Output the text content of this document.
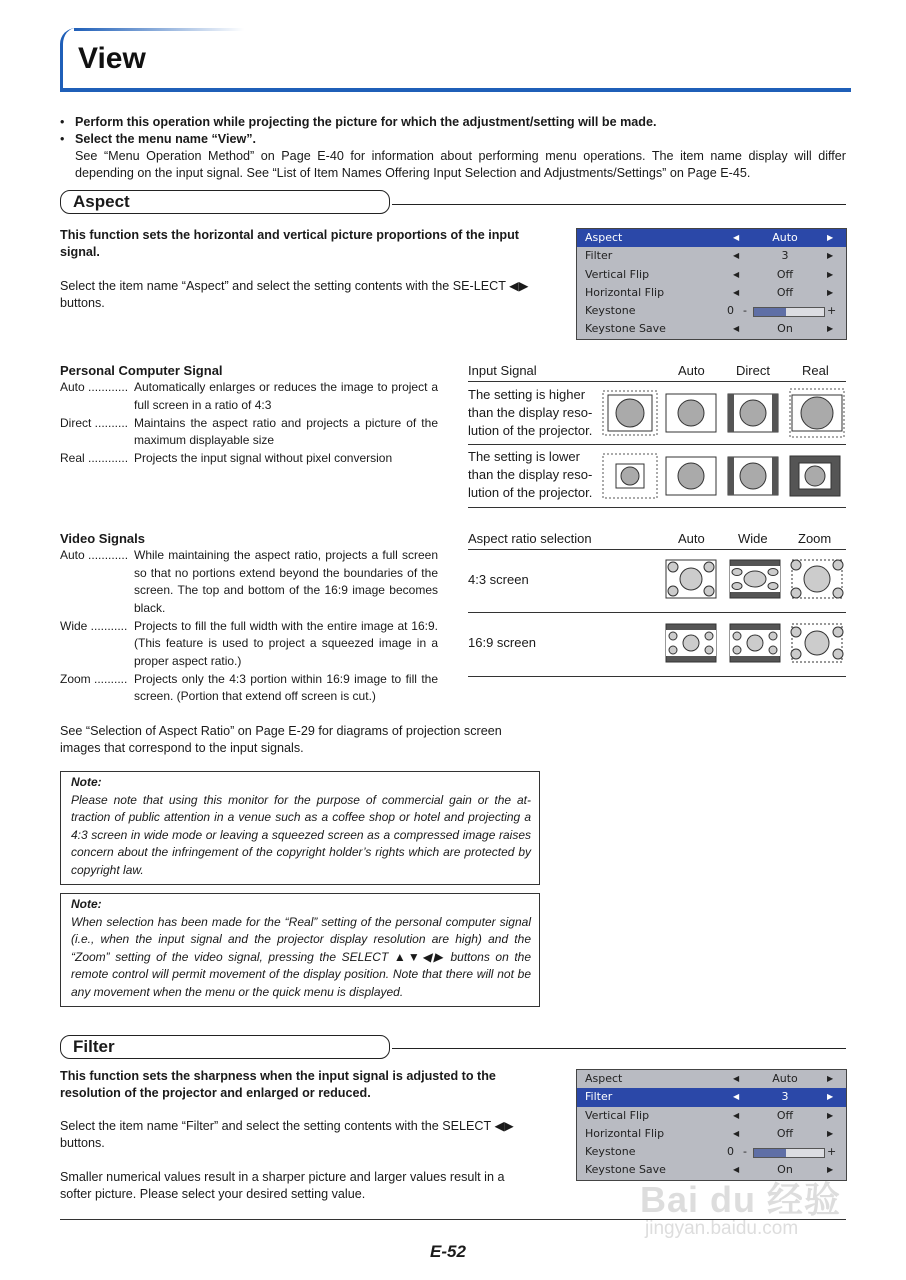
View
• Perform this operation while projecting the picture for which the adjustment/setting will be made.
• Select the menu name “View”.
See “Menu Operation Method” on Page E-40 for information about performing menu operations. The item name display will differ depending on the input signal. See “List of Item Names Offering Input Selection and Adjustments/Settings” on Page E-45.
Aspect
This function sets the horizontal and vertical picture proportions of the input signal.
Select the item name “Aspect” and select the setting contents with the SE-LECT ◀▶ buttons.
Aspect	◀	Auto	▶
Filter	◀	3	▶
Vertical Flip	◀	Off	▶
Horizontal Flip	◀	Off	▶
Keystone	0 -	+
Keystone Save	◀	On	▶
Personal Computer Signal
Auto ............ Automatically enlarges or reduces the image to project a full screen in a ratio of 4:3
Direct .......... Maintains the aspect ratio and projects a picture of the maximum displayable size
Real ............ Projects the input signal without pixel conversion
Input Signal	Auto Direct Real
The setting is higher than the display reso-lution of the projector.
The setting is lower than the display reso-lution of the projector.
Video Signals
Auto ............ While maintaining the aspect ratio, projects a full screen so that no portions extend beyond the boundaries of the screen. The top and bottom of the 16:9 image becomes black.
Wide ........... Projects to fill the full width with the entire image at 16:9. (This feature is used to project a squeezed image in a proper aspect ratio.)
Zoom .......... Projects only the 4:3 portion within 16:9 image to fill the screen. (Portion that extend off screen is cut.)
Aspect ratio selection	Auto	Wide Zoom
4:3 screen
16:9 screen
See “Selection of Aspect Ratio” on Page E-29 for diagrams of projection screen images that correspond to the input signals.
Note:
Please note that using this monitor for the purpose of commercial gain or the at-traction of public attention in a venue such as a coffee shop or hotel and projecting a 4:3 screen in wide mode or leaving a squeezed screen as a compressed image raises concern about the infringement of the copyright holder’s rights which are protected by copyright law.
Note:
When selection has been made for the “Real” setting of the personal computer signal (i.e., when the input signal and the projector display resolution are high) and the “Zoom” setting of the video signal, pressing the SELECT ▲▼◀▶ buttons on the remote control will permit movement of the display position. Note that there will not be any movement when the menu or the quick menu is displayed.
Filter
This function sets the sharpness when the input signal is adjusted to the resolution of the projector and enlarged or reduced.
Select the item name “Filter” and select the setting contents with the SELECT ◀▶ buttons.
Smaller numerical values result in a sharper picture and larger values result in a softer picture. Please select your desired setting value.
Aspect	◀	Auto	▶
Filter	◀	3	▶
Vertical Flip	◀	Off	▶
Horizontal Flip	◀	Off	▶
Keystone	0 -	+
Keystone Save	◀	On	▶
E-52
Bai du 经验
jingyan.baidu.com
